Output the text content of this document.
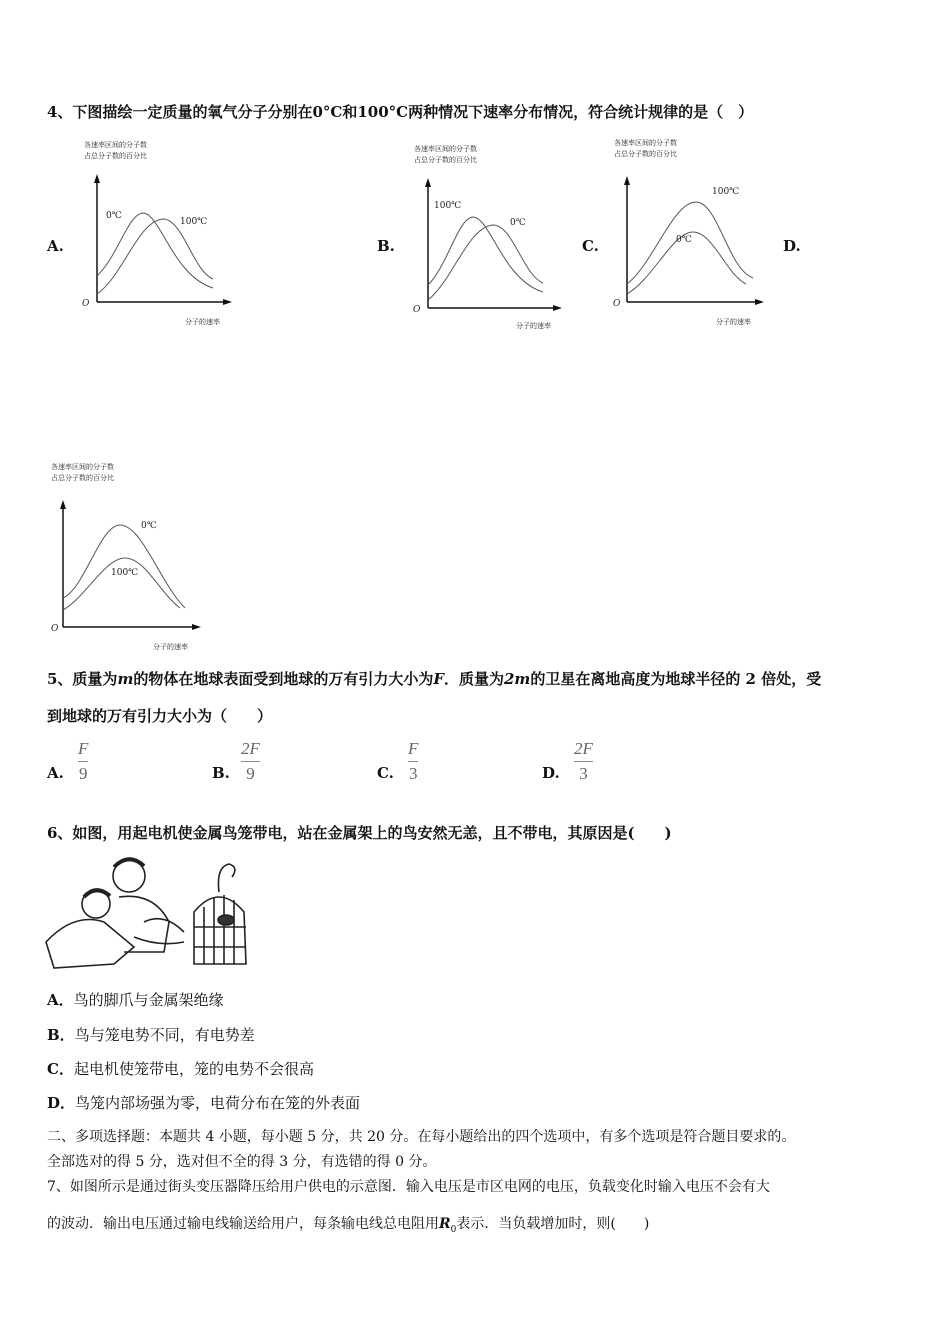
4、下图描绘一定质量的氧气分子分别在0°C和100°C两种情况下速率分布情况，符合统计规律的是（　）
A.	B.	C.	D.
各速率区间的分子数
占总分子数的百分比
O
分子的速率
0℃
100℃
各速率区间的分子数
占总分子数的百分比
O
分子的速率
100℃
0℃
各速率区间的分子数
占总分子数的百分比
O
分子的速率
100℃
0℃
各速率区间的分子数
占总分子数的百分比
O
分子的速率
0℃
100℃
5、质量为m的物体在地球表面受到地球的万有引力大小为F．质量为2m的卫星在离地高度为地球半径的 2 倍处，受
到地球的万有引力大小为（　　）
A.
F
9	B.
2F
9	C.
F
3	D.
2F
3
6、如图，用起电机使金属鸟笼带电，站在金属架上的鸟安然无恙，且不带电，其原因是(　　)
A．鸟的脚爪与金属架绝缘
B．鸟与笼电势不同，有电势差
C．起电机使笼带电，笼的电势不会很高
D．鸟笼内部场强为零，电荷分布在笼的外表面
二、多项选择题：本题共 4 小题，每小题 5 分，共 20 分。在每小题给出的四个选项中，有多个选项是符合题目要求的。
全部选对的得 5 分，选对但不全的得 3 分，有选错的得 0 分。
7、如图所示是通过街头变压器降压给用户供电的示意图．输入电压是市区电网的电压，负载变化时输入电压不会有大
的波动．输出电压通过输电线输送给用户，每条输电线总电阻用$R_0$表示．当负载增加时，则(　　)
